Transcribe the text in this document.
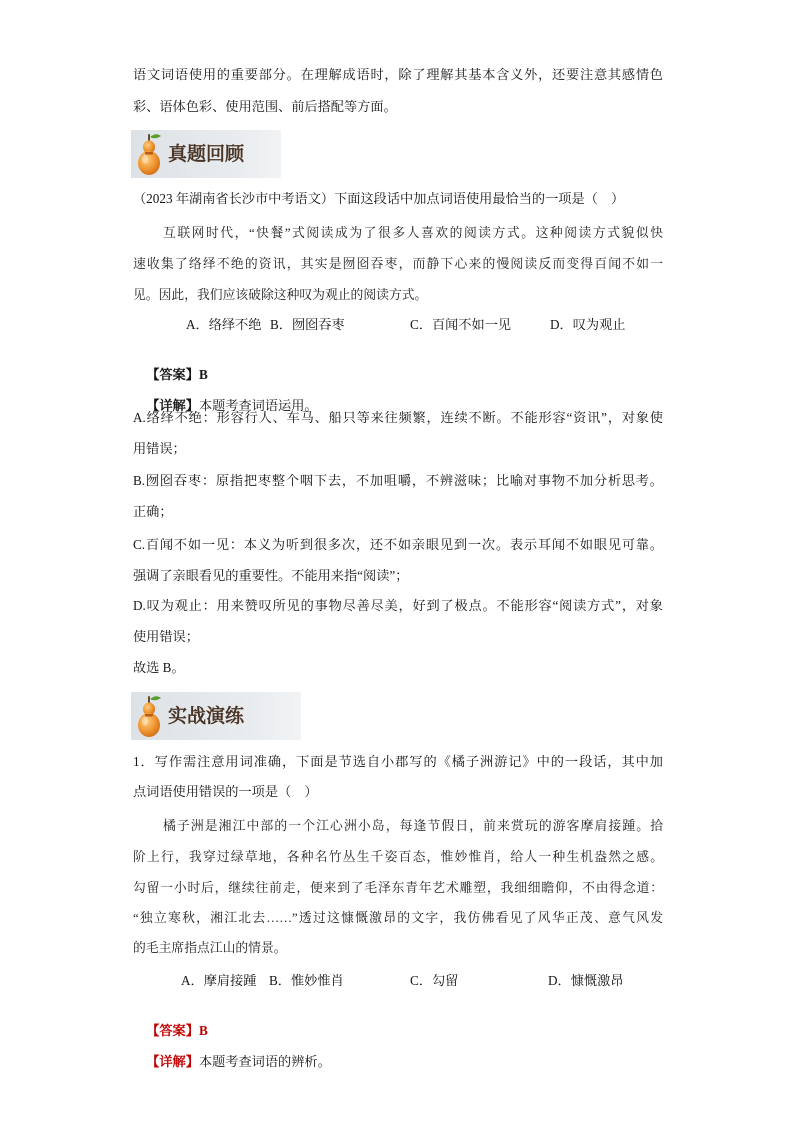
语文词语使用的重要部分。在理解成语时，除了理解其基本含义外，还要注意其感情色
彩、语体色彩、使用范围、前后搭配等方面。
真题回顾
（2023 年湖南省长沙市中考语文）下面这段话中加点词语使用最恰当的一项是（    ）
互联网时代，“快餐”式阅读成为了很多人喜欢的阅读方式。这种阅读方式貌似快
速收集了络绎不绝的资讯，其实是囫囵吞枣，而静下心来的慢阅读反而变得百闻不如一
见。因此，我们应该破除这种叹为观止的阅读方式。

A．络绎不绝

B．囫囵吞枣

	C．百闻不如一见

	D．叹为观止

【答案】B

【详解】本题考查词语运用。

A.络绎不绝：形容行人、车马、船只等来往频繁，连续不断。不能形容“资讯”，对象使
用错误；
B.囫囵吞枣：原指把枣整个咽下去，不加咀嚼，不辨滋味；比喻对事物不加分析思考。
正确；
C.百闻不如一见：本义为听到很多次，还不如亲眼见到一次。表示耳闻不如眼见可靠。
强调了亲眼看见的重要性。不能用来指“阅读”；
D.叹为观止：用来赞叹所见的事物尽善尽美，好到了极点。不能形容“阅读方式”，对象
使用错误；
故选 B。
实战演练
1．写作需注意用词准确，下面是节选自小郡写的《橘子洲游记》中的一段话，其中加
点词语使用错误的一项是（    ）
橘子洲是湘江中部的一个江心洲小岛，每逢节假日，前来赏玩的游客摩肩接踵。拾
阶上行，我穿过绿草地，各种名竹丛生千姿百态，惟妙惟肖，给人一种生机盎然之感。
勾留一小时后，继续往前走，便来到了毛泽东青年艺术雕塑，我细细瞻仰，不由得念道：
“独立寒秋，湘江北去……”透过这慷慨激昂的文字，我仿佛看见了风华正茂、意气风发
的毛主席指点江山的情景。

A．摩肩接踵

B．惟妙惟肖

	C．勾留

	D．慷慨激昂

【答案】B

【详解】本题考查词语的辨析。
